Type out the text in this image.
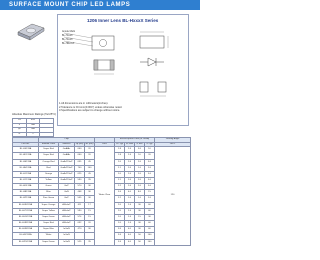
SURFACE MOUNT CHIP LED LAMPS
1206 Inner Lens BL-HxxxX Series
Anode Mark
BL-HxxxX
BL-HxxxX
BL-HRxxxX
1.All dimensions are in millimeters(inches).
2.Tolerance is ±0.1mm(0.004") unless otherwise noted.
3.Specifications are subject to change without notice.
Absolute Maximum Ratings (Ta=25°C)
Pd	mW	
If	mA	
Ipf	mA	
Vr	V	

	Chip					Electro-optical Data (at 20mA)				Viewing Angle
Part No.	Emitted Color	Material	λp (nm)	Δλ (nm)	Lens	VF Typ	VF Max	Iv Min	Iv Typ	2θ1/2
BL-HS133A	Super Red	GaAlAs	660	20	Water Clear	1.8	2.4	5.0	10	120
BL-HD133A	Super Red	GaAlAs	660	20		1.8	2.4	10	20	
BL-HE133A	Orange Red	GaAsP/GaP	635	45		2.0	2.6	2.0	5.0	
BL-HH133A	Red	GaAsP/GaP	700	100		2.1	2.6	1.0	2.0	
BL-HJ133A	Orange	GaAsP/GaP	625	45		2.0	2.6	2.0	5.0	
BL-HY133A	Yellow	GaAsP/GaP	590	35		2.1	2.6	2.0	5.0	
BL-HG133A	Green	GaP	570	30		2.2	2.6	2.0	5.0	
BL-HB133A	Blue	GaN	468	30		3.6	4.0	8.0	15	
BL-HP133A	Pure Green	GaP	555	30		2.2	2.6	1.0	2.0	
BL-HUE133A	Super Orange	AlGaInP	611	17		2.0	2.4	30	60	
BL-HUY133A	Super Yellow	AlGaInP	590	15		2.0	2.4	30	60	
BL-HUG133A	Super Green	AlGaInP	574	15		2.0	2.4	15	30	
BL-HUR133A	Super Red	AlGaInP	632	20		2.0	2.4	30	60	
BL-HUB133A	Super Blue	InGaN	470	30		3.6	4.0	30	60	
BL-HW133A	White	InGaN				3.6	4.0	50	100	
BL-HPG133A	Super Green	InGaN	525	35		3.6	4.0	50	100	
